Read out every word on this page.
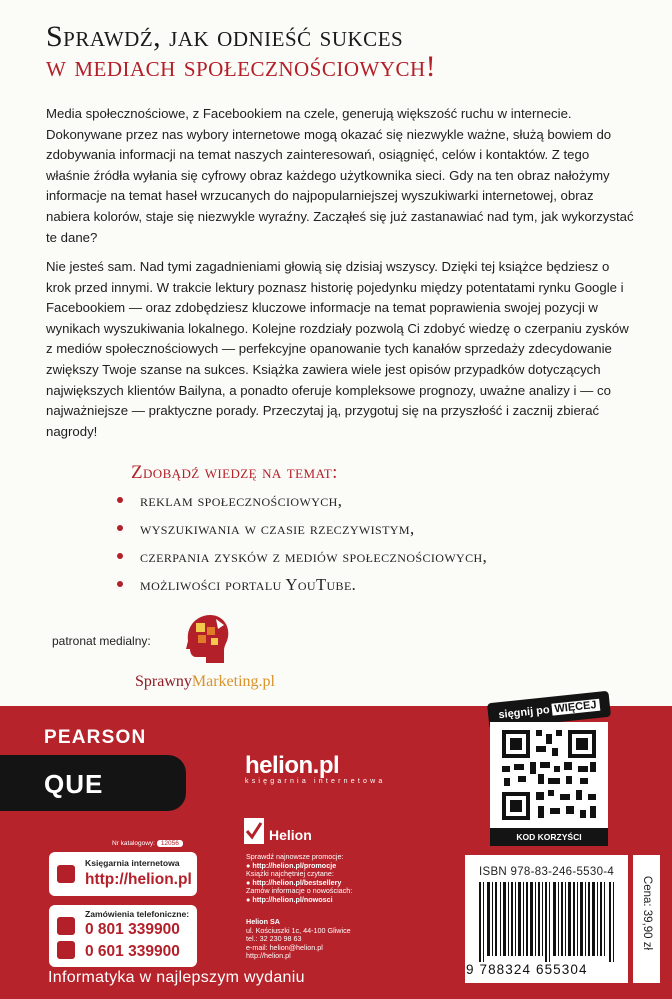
Sprawdź, jak odnieść sukces
w mediach społecznościowych!
Media społecznościowe, z Facebookiem na czele, generują większość ruchu w internecie. Dokonywane przez nas wybory internetowe mogą okazać się niezwykle ważne, służą bowiem do zdobywania informacji na temat naszych zainteresowań, osiągnięć, celów i kontaktów. Z tego właśnie źródła wyłania się cyfrowy obraz każdego użytkownika sieci. Gdy na ten obraz nałożymy informacje na temat haseł wrzucanych do najpopularniejszej wyszukiwarki internetowej, obraz nabiera kolorów, staje się niezwykle wyraźny. Zacząłeś się już zastanawiać nad tym, jak wykorzystać te dane?
Nie jesteś sam. Nad tymi zagadnieniami głowią się dzisiaj wszyscy. Dzięki tej książce będziesz o krok przed innymi. W trakcie lektury poznasz historię pojedynku między potentatami rynku Google i Facebookiem — oraz zdobędziesz kluczowe informacje na temat poprawienia swojej pozycji w wynikach wyszukiwania lokalnego. Kolejne rozdziały pozwolą Ci zdobyć wiedzę o czerpaniu zysków z mediów społecznościowych — perfekcyjne opanowanie tych kanałów sprzedaży zdecydowanie zwiększy Twoje szanse na sukces. Książka zawiera wiele jest opisów przypadków dotyczących największych klientów Bailyna, a ponadto oferuje kompleksowe prognozy, uważne analizy i — co najważniejsze — praktyczne porady. Przeczytaj ją, przygotuj się na przyszłość i zacznij zbierać nagrody!
Zdobądź wiedzę na temat:
reklam społecznościowych,
wyszukiwania w czasie rzeczywistym,
czerpania zysków z mediów społecznościowych,
możliwości portalu YouTube.
patronat medialny:
SprawnyMarketing.pl
PEARSON
QUE
helion.pl
księgarnia internetowa
Helion
Sprawdź najnowsze promocje:
● http://helion.pl/promocje
Książki najchętniej czytane:
● http://helion.pl/bestsellery
Zamów informacje o nowościach:
● http://helion.pl/nowosci
Helion SA
ul. Kościuszki 1c, 44-100 Gliwice
tel.: 32 230 98 63
e-mail: helion@helion.pl
http://helion.pl
Nr katalogowy: 12056
Księgarnia internetowa
http://helion.pl
Zamówienia telefoniczne:
0 801 339900
0 601 339900
Informatyka w najlepszym wydaniu
sięgnij po WIĘCEJ
KOD KORZYŚCI
ISBN 978-83-246-5530-4
9 788324 655304
Cena: 39,90 zł
